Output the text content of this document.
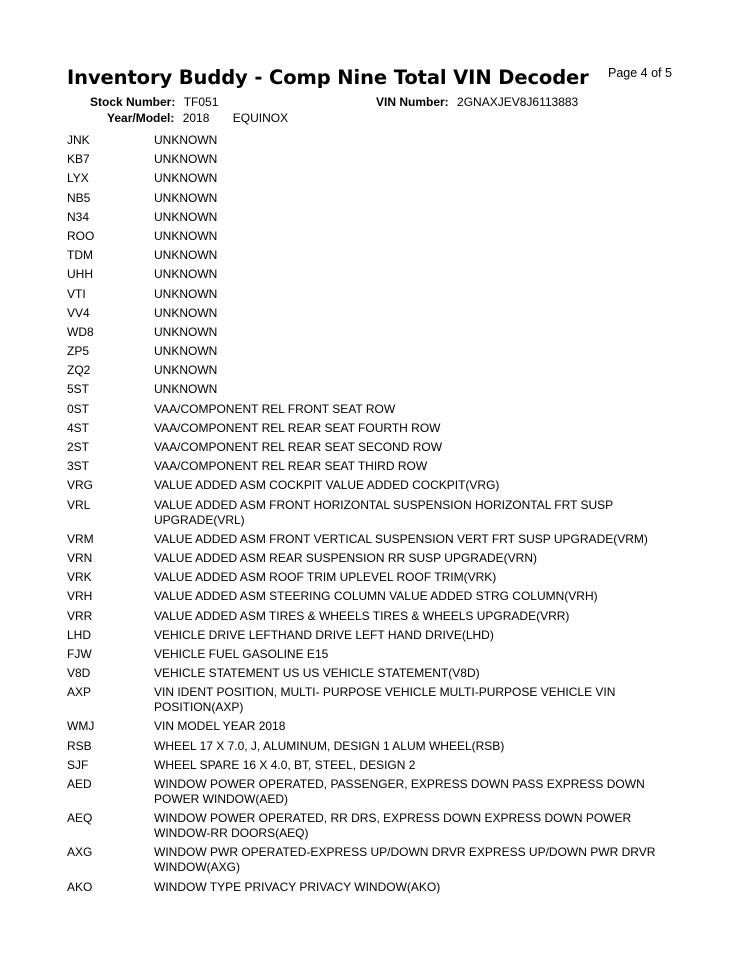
Inventory Buddy - Comp Nine Total VIN Decoder Page 4 of 5
Stock Number: TF051	VIN Number: 2GNAXJEV8J6113883
Year/Model: 2018 EQUINOX
JNK	UNKNOWN
KB7	UNKNOWN
LYX	UNKNOWN
NB5	UNKNOWN
N34	UNKNOWN
ROO	UNKNOWN
TDM	UNKNOWN
UHH	UNKNOWN
VTI	UNKNOWN
VV4	UNKNOWN
WD8	UNKNOWN
ZP5	UNKNOWN
ZQ2	UNKNOWN
5ST	UNKNOWN
0ST	VAA/COMPONENT REL FRONT SEAT ROW
4ST	VAA/COMPONENT REL REAR SEAT FOURTH ROW
2ST	VAA/COMPONENT REL REAR SEAT SECOND ROW
3ST	VAA/COMPONENT REL REAR SEAT THIRD ROW
VRG	VALUE ADDED ASM COCKPIT VALUE ADDED COCKPIT(VRG)
VRL	VALUE ADDED ASM FRONT HORIZONTAL SUSPENSION HORIZONTAL FRT SUSP UPGRADE(VRL)
VRM	VALUE ADDED ASM FRONT VERTICAL SUSPENSION VERT FRT SUSP UPGRADE(VRM)
VRN	VALUE ADDED ASM REAR SUSPENSION RR SUSP UPGRADE(VRN)
VRK	VALUE ADDED ASM ROOF TRIM UPLEVEL ROOF TRIM(VRK)
VRH	VALUE ADDED ASM STEERING COLUMN VALUE ADDED STRG COLUMN(VRH)
VRR	VALUE ADDED ASM TIRES & WHEELS TIRES & WHEELS UPGRADE(VRR)
LHD	VEHICLE DRIVE LEFTHAND DRIVE LEFT HAND DRIVE(LHD)
FJW	VEHICLE FUEL GASOLINE E15
V8D	VEHICLE STATEMENT US US VEHICLE STATEMENT(V8D)
AXP	VIN IDENT POSITION, MULTI- PURPOSE VEHICLE MULTI-PURPOSE VEHICLE VIN POSITION(AXP)
WMJ	VIN MODEL YEAR 2018
RSB	WHEEL 17 X 7.0, J, ALUMINUM, DESIGN 1 ALUM WHEEL(RSB)
SJF	WHEEL SPARE 16 X 4.0, BT, STEEL, DESIGN 2
AED	WINDOW POWER OPERATED, PASSENGER, EXPRESS DOWN PASS EXPRESS DOWN POWER WINDOW(AED)
AEQ	WINDOW POWER OPERATED, RR DRS, EXPRESS DOWN EXPRESS DOWN POWER WINDOW-RR DOORS(AEQ)
AXG	WINDOW PWR OPERATED-EXPRESS UP/DOWN DRVR EXPRESS UP/DOWN PWR DRVR WINDOW(AXG)
AKO	WINDOW TYPE PRIVACY PRIVACY WINDOW(AKO)
